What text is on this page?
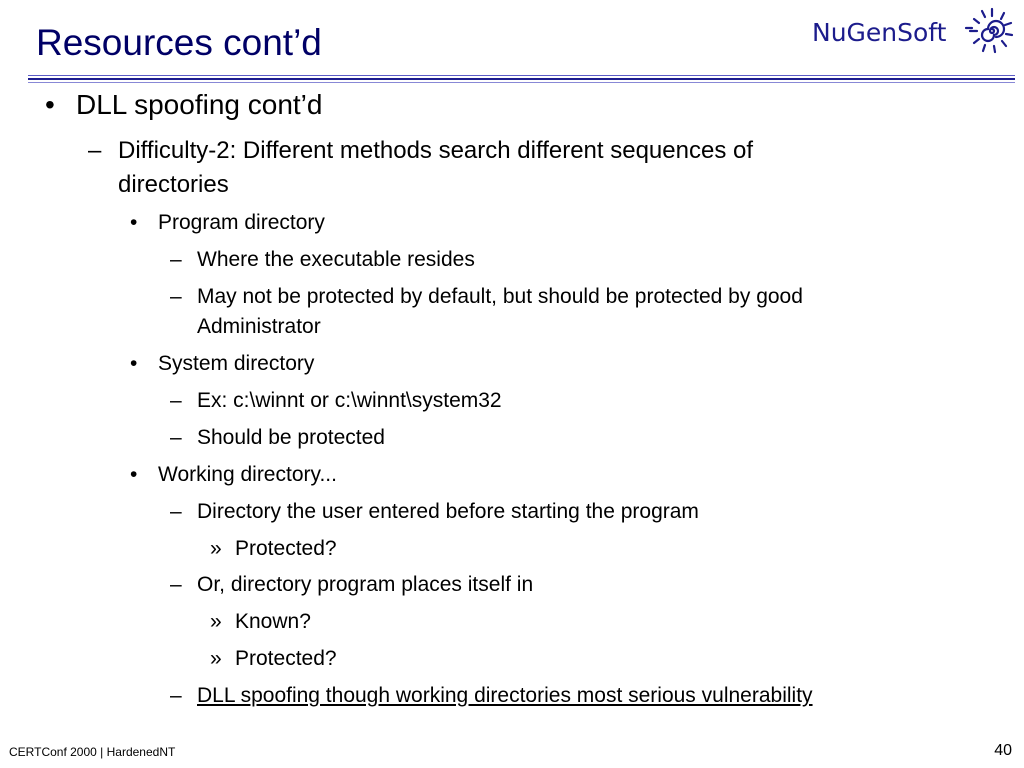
Resources cont’d	NuGenSoft
• DLL spoofing cont’d
– Difficulty-2: Different methods search different sequences of
directories
• Program directory
– Where the executable resides
– May not be protected by default, but should be protected by good
Administrator
• System directory
– Ex: c:\winnt or c:\winnt\system32
– Should be protected
• Working directory...
– Directory the user entered before starting the program
» Protected?
– Or, directory program places itself in
» Known?
» Protected?
– DLL spoofing though working directories most serious vulnerability
CERTConf 2000 | HardenedNT	40
